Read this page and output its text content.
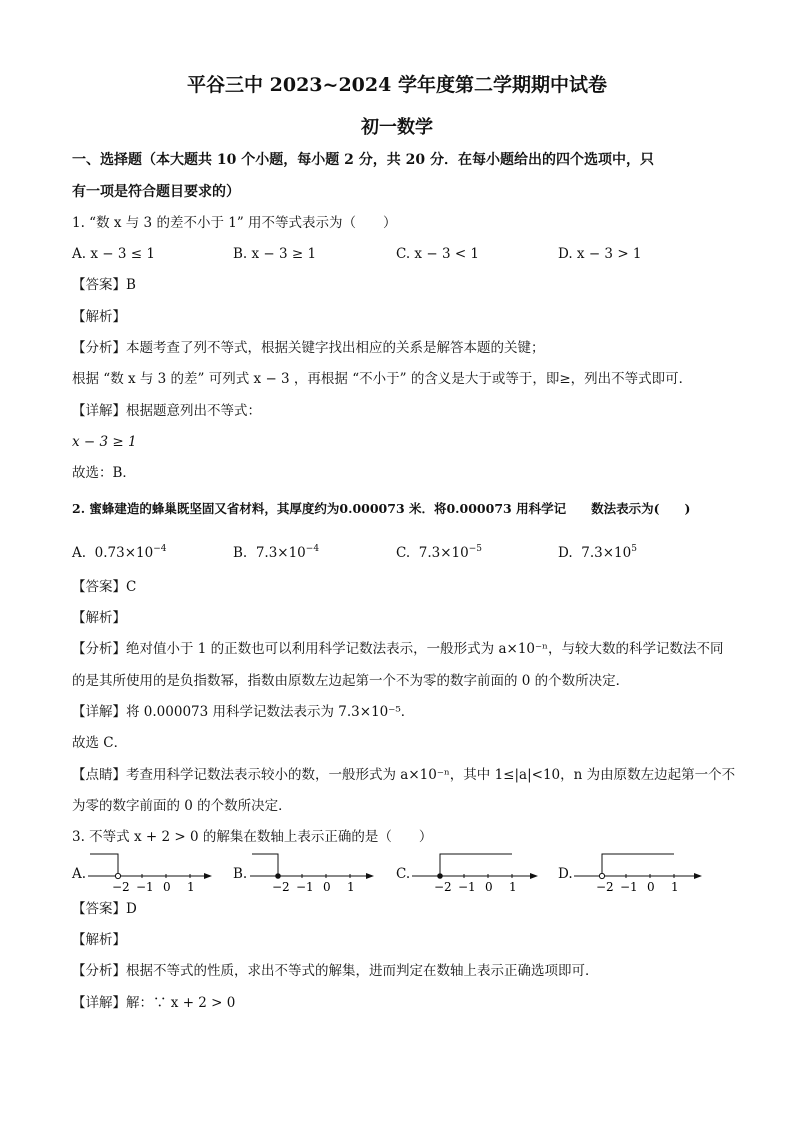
平谷三中 2023~2024 学年度第二学期期中试卷
初一数学
一、选择题（本大题共 10 个小题，每小题 2 分，共 20 分．在每小题给出的四个选项中，只
有一项是符合题目要求的）
1. “数 x 与 3 的差不小于 1” 用不等式表示为（　　）
A. x − 3 ≤ 1	B. x − 3 ≥ 1	C. x − 3 < 1	D. x − 3 > 1
【答案】B
【解析】
【分析】本题考查了列不等式，根据关键字找出相应的关系是解答本题的关键；
根据 “数 x 与 3 的差” 可列式 x − 3 ，再根据 “不小于” 的含义是大于或等于，即≥，列出不等式即可．
【详解】根据题意列出不等式：
x − 3 ≥ 1
故选：B．
2. 蜜蜂建造的蜂巢既坚固又省材料，其厚度约为0.000073 米．将0.000073 用科学记　　数法表示为(　　)
A. $0.73\times 10^{-4}$	B. $7.3\times 10^{-4}$	C. $7.3\times 10^{-5}$	D. $7.3\times 10^5$
【答案】C
【解析】
【分析】绝对值小于 1 的正数也可以利用科学记数法表示，一般形式为 a×10⁻ⁿ，与较大数的科学记数法不同
的是其所使用的是负指数幂，指数由原数左边起第一个不为零的数字前面的 0 的个数所决定．
【详解】将 0.000073 用科学记数法表示为 7.3×10⁻⁵．
故选 C．
【点睛】考查用科学记数法表示较小的数，一般形式为 a×10⁻ⁿ，其中 1≤|a|<10，n 为由原数左边起第一个不
为零的数字前面的 0 的个数所决定．
3. 不等式 x + 2 > 0 的解集在数轴上表示正确的是（　　）
A.	B.	C.	D.
−2 −1 0 1	−2 −1 0 1	−2 −1 0 1	−2 −1 0 1
【答案】D
【解析】
【分析】根据不等式的性质，求出不等式的解集，进而判定在数轴上表示正确选项即可．
【详解】解：∵ x + 2 > 0
